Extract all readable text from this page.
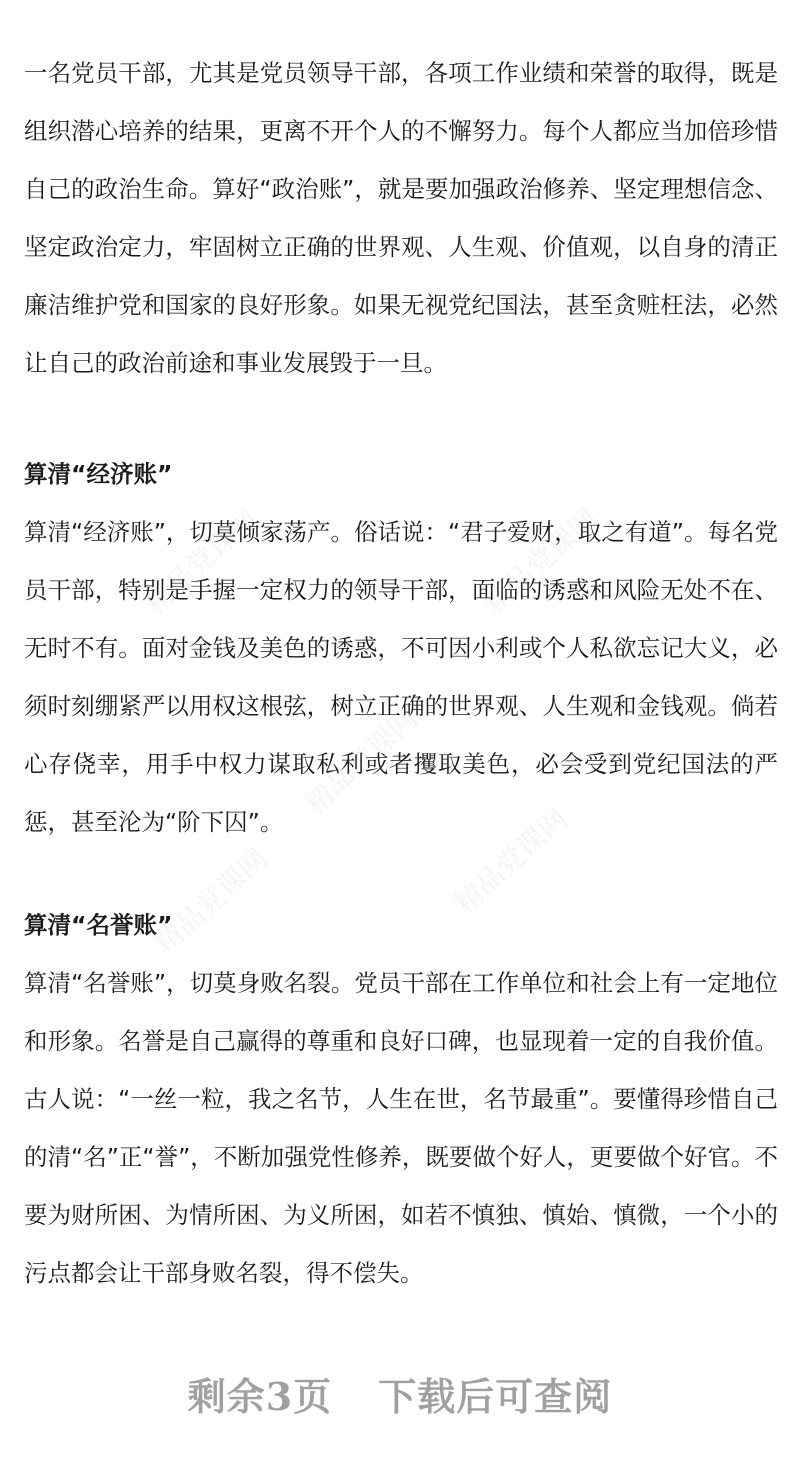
一名党员干部，尤其是党员领导干部，各项工作业绩和荣誉的取得，既是组织潜心培养的结果，更离不开个人的不懈努力。每个人都应当加倍珍惜自己的政治生命。算好“政治账”，就是要加强政治修养、坚定理想信念、坚定政治定力，牢固树立正确的世界观、人生观、价值观，以自身的清正廉洁维护党和国家的良好形象。如果无视党纪国法，甚至贪赃枉法，必然让自己的政治前途和事业发展毁于一旦。

算清“经济账”

算清“经济账”，切莫倾家荡产。俗话说：“君子爱财，取之有道”。每名党员干部，特别是手握一定权力的领导干部，面临的诱惑和风险无处不在、无时不有。面对金钱及美色的诱惑，不可因小利或个人私欲忘记大义，必须时刻绷紧严以用权这根弦，树立正确的世界观、人生观和金钱观。倘若心存侥幸，用手中权力谋取私利或者攫取美色，必会受到党纪国法的严惩，甚至沦为“阶下囚”。

算清“名誉账”

算清“名誉账”，切莫身败名裂。党员干部在工作单位和社会上有一定地位和形象。名誉是自己赢得的尊重和良好口碑，也显现着一定的自我价值。古人说：“一丝一粒，我之名节，人生在世，名节最重”。要懂得珍惜自己的清“名”正“誉”，不断加强党性修养，既要做个好人，更要做个好官。不要为财所困、为情所困、为义所困，如若不慎独、慎始、慎微，一个小的污点都会让干部身败名裂，得不偿失。

精品党课网	精品党课网
精品党课网
精品党课网	精品党课网
剩余3页 下载后可查阅
